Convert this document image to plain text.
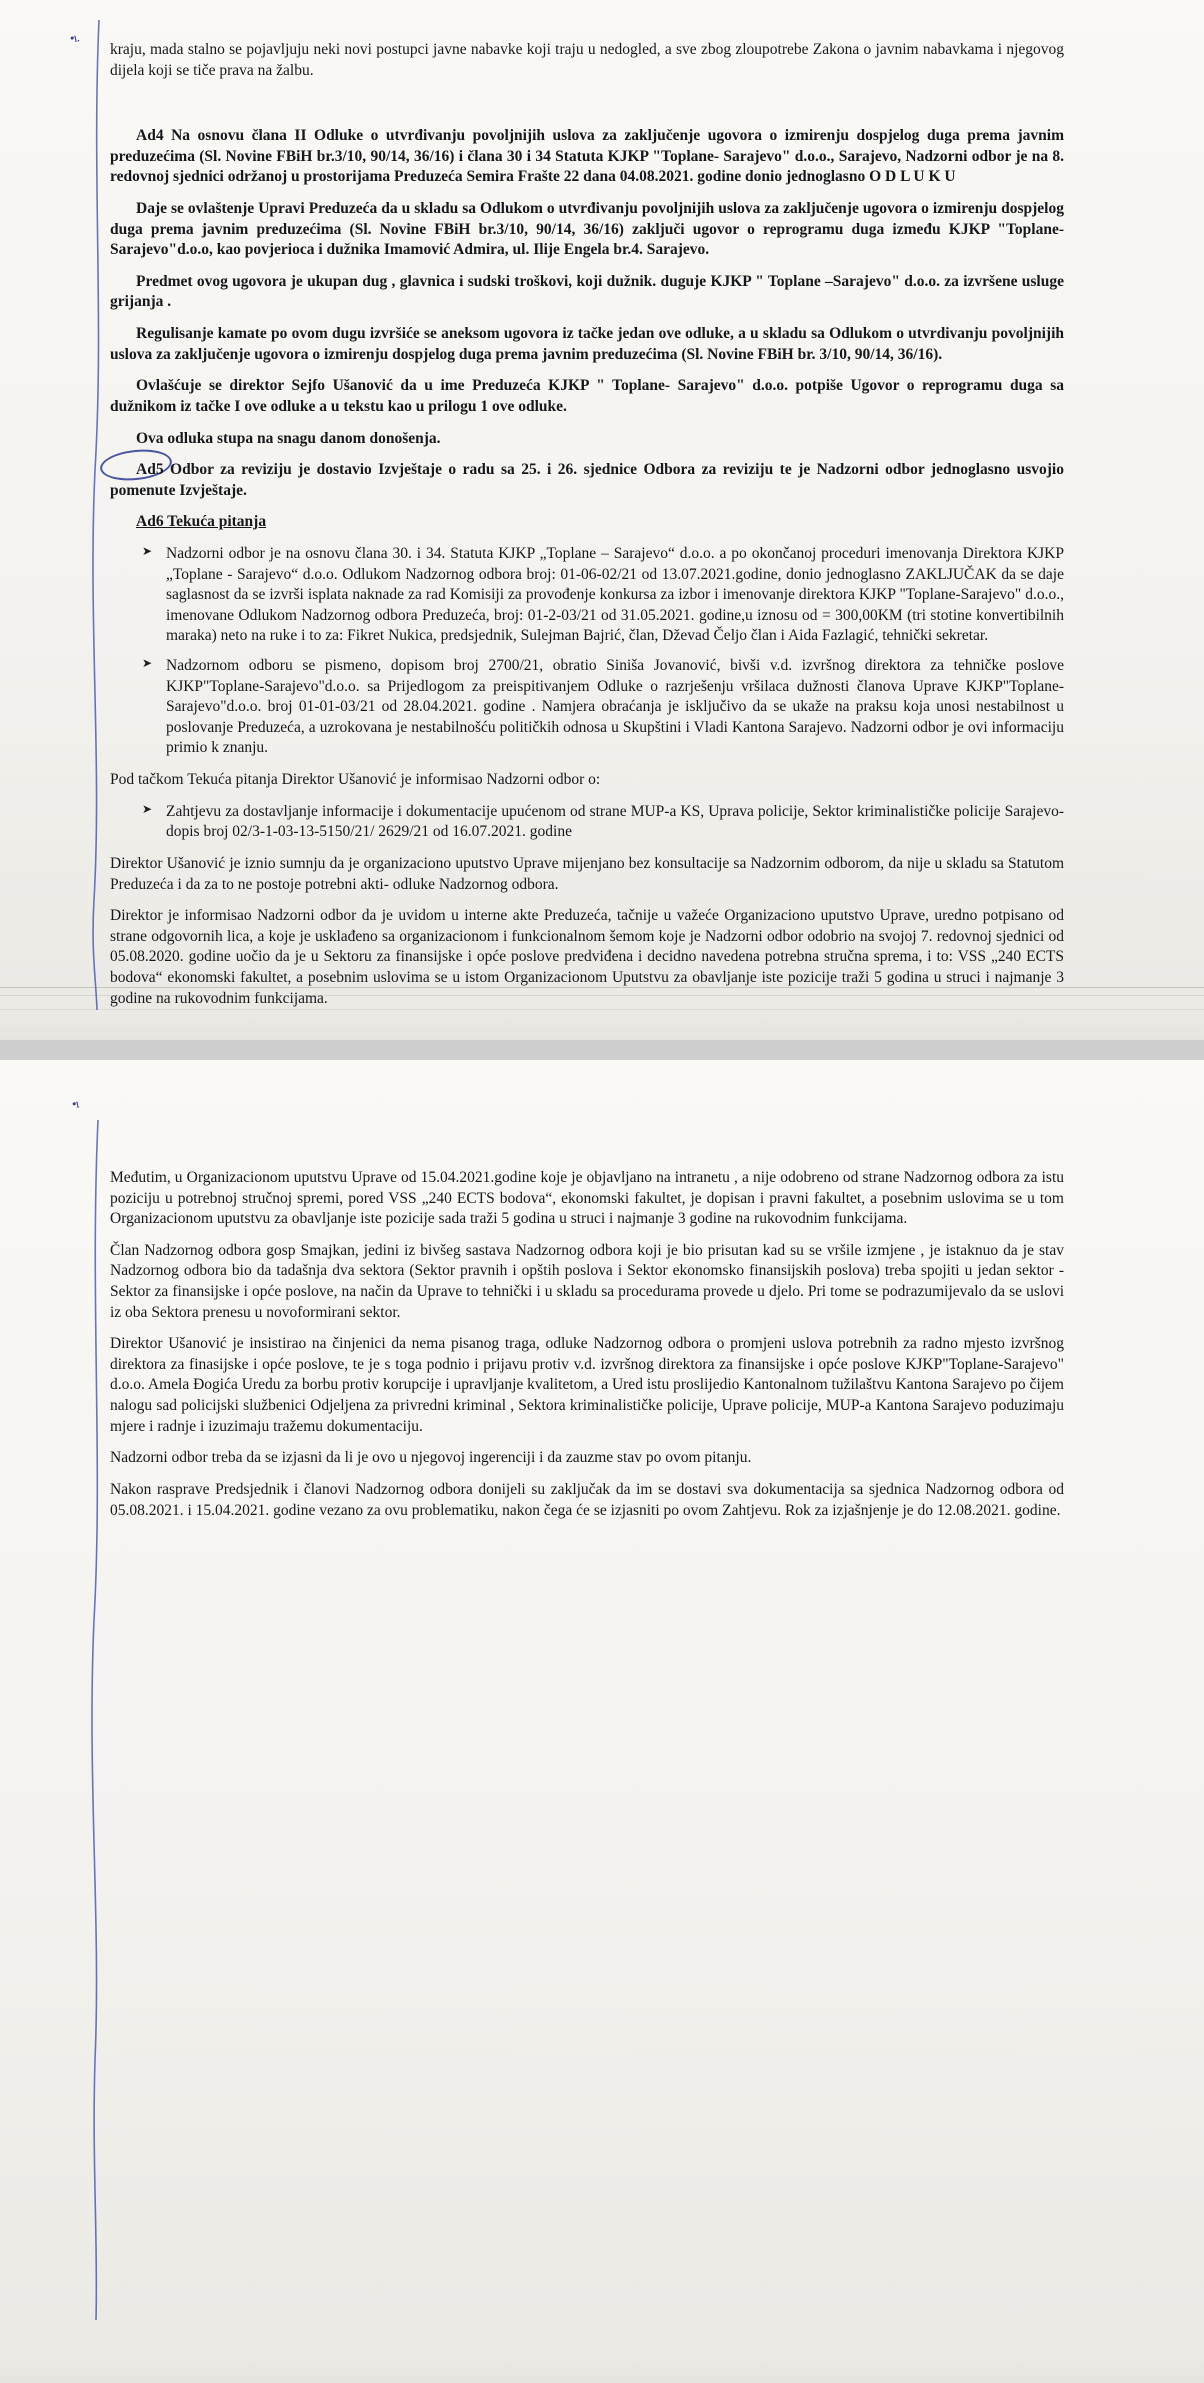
•ı.

kraju, mada stalno se pojavljuju neki novi postupci javne nabavke koji traju u nedogled, a sve zbog zloupotrebe Zakona o javnim nabavkama i njegovog dijela koji se tiče prava na žalbu.

Ad4 Na osnovu člana II Odluke o utvrđivanju povoljnijih uslova za zaključenje ugovora o izmirenju dospjelog duga prema javnim preduzećima (Sl. Novine FBiH br.3/10, 90/14, 36/16) i člana 30 i 34 Statuta KJKP "Toplane- Sarajevo" d.o.o., Sarajevo, Nadzorni odbor je na 8. redovnoj sjednici održanoj u prostorijama Preduzeća Semira Frašte 22 dana 04.08.2021. godine donio jednoglasno O D L U K U

Daje se ovlaštenje Upravi Preduzeća da u skladu sa Odlukom o utvrđivanju povoljnijih uslova za zaključenje ugovora o izmirenju dospjelog duga prema javnim preduzećima (Sl. Novine FBiH br.3/10, 90/14, 36/16) zaključi ugovor o reprogramu duga između KJKP "Toplane-Sarajevo"d.o.o, kao povjerioca i dužnika Imamović Admira, ul. Ilije Engela br.4. Sarajevo.

Predmet ovog ugovora je ukupan dug , glavnica i sudski troškovi, koji dužnik. duguje KJKP " Toplane –Sarajevo" d.o.o. za izvršene usluge grijanja .

Regulisanje kamate po ovom dugu izvršiće se aneksom ugovora iz tačke jedan ove odluke, a u skladu sa Odlukom o utvrdivanju povoljnijih uslova za zaključenje ugovora o izmirenju dospjelog duga prema javnim preduzećima (Sl. Novine FBiH br. 3/10, 90/14, 36/16).

Ovlašćuje se direktor Sejfo Ušanović da u ime Preduzeća KJKP " Toplane- Sarajevo" d.o.o. potpiše Ugovor o reprogramu duga sa dužnikom iz tačke I ove odluke a u tekstu kao u prilogu 1 ove odluke.

Ova odluka stupa na snagu danom donošenja.

Ad5 Odbor za reviziju je dostavio Izvještaje o radu sa 25. i 26. sjednice Odbora za reviziju te je Nadzorni odbor jednoglasno usvojio pomenute Izvještaje.

Ad6 Tekuća pitanja

➤ Nadzorni odbor je na osnovu člana 30. i 34. Statuta KJKP „Toplane – Sarajevo“ d.o.o. a po okončanoj proceduri imenovanja Direktora KJKP „Toplane - Sarajevo“ d.o.o. Odlukom Nadzornog odbora broj: 01-06-02/21 od 13.07.2021.godine, donio jednoglasno ZAKLJUČAK da se daje saglasnost da se izvrši isplata naknade za rad Komisiji za provođenje konkursa za izbor i imenovanje direktora KJKP "Toplane-Sarajevo" d.o.o., imenovane Odlukom Nadzornog odbora Preduzeća, broj: 01-2-03/21 od 31.05.2021. godine,u iznosu od = 300,00KM (tri stotine konvertibilnih maraka) neto na ruke i to za: Fikret Nukica, predsjednik, Sulejman Bajrić, član, Dževad Čeljo član i Aida Fazlagić, tehnički sekretar.
➤ Nadzornom odboru se pismeno, dopisom broj 2700/21, obratio Siniša Jovanović, bivši v.d. izvršnog direktora za tehničke poslove KJKP"Toplane-Sarajevo"d.o.o. sa Prijedlogom za preispitivanjem Odluke o razrješenju vršilaca dužnosti članova Uprave KJKP"Toplane-Sarajevo"d.o.o. broj 01-01-03/21 od 28.04.2021. godine . Namjera obraćanja je isključivo da se ukaže na praksu koja unosi nestabilnost u poslovanje Preduzeća, a uzrokovana je nestabilnošću političkih odnosa u Skupštini i Vladi Kantona Sarajevo. Nadzorni odbor je ovi informaciju primio k znanju.

Pod tačkom Tekuća pitanja Direktor Ušanović je informisao Nadzorni odbor o:

➤ Zahtjevu za dostavljanje informacije i dokumentacije upućenom od strane MUP-a KS, Uprava policije, Sektor kriminalističke policije Sarajevo- dopis broj 02/3-1-03-13-5150/21/ 2629/21 od 16.07.2021. godine

Direktor Ušanović je iznio sumnju da je organizaciono uputstvo Uprave mijenjano bez konsultacije sa Nadzornim odborom, da nije u skladu sa Statutom Preduzeća i da za to ne postoje potrebni akti- odluke Nadzornog odbora.

Direktor je informisao Nadzorni odbor da je uvidom u interne akte Preduzeća, tačnije u važeće Organizaciono uputstvo Uprave, uredno potpisano od strane odgovornih lica, a koje je usklađeno sa organizacionom i funkcionalnom šemom koje je Nadzorni odbor odobrio na svojoj 7. redovnoj sjednici od 05.08.2020. godine uočio da je u Sektoru za finansijske i opće poslove predviđena i decidno navedena potrebna stručna sprema, i to: VSS „240 ECTS bodova“ ekonomski fakultet, a posebnim uslovima se u istom Organizacionom Uputstvu za obavljanje iste pozicije traži 5 godina u struci i najmanje 3 godine na rukovodnim funkcijama.

•ı

Međutim, u Organizacionom uputstvu Uprave od 15.04.2021.godine koje je objavljano na intranetu , a nije odobreno od strane Nadzornog odbora za istu poziciju u potrebnoj stručnoj spremi, pored VSS „240 ECTS bodova“, ekonomski fakultet, je dopisan i pravni fakultet, a posebnim uslovima se u tom Organizacionom uputstvu za obavljanje iste pozicije sada traži 5 godina u struci i najmanje 3 godine na rukovodnim funkcijama.

Član Nadzornog odbora gosp Smajkan, jedini iz bivšeg sastava Nadzornog odbora koji je bio prisutan kad su se vršile izmjene , je istaknuo da je stav Nadzornog odbora bio da tadašnja dva sektora (Sektor pravnih i opštih poslova i Sektor ekonomsko finansijskih poslova) treba spojiti u jedan sektor - Sektor za finansijske i opće poslove, na način da Uprave to tehnički i u skladu sa procedurama provede u djelo. Pri tome se podrazumijevalo da se uslovi iz oba Sektora prenesu u novoformirani sektor.

Direktor Ušanović je insistirao na činjenici da nema pisanog traga, odluke Nadzornog odbora o promjeni uslova potrebnih za radno mjesto izvršnog direktora za finasijske i opće poslove, te je s toga podnio i prijavu protiv v.d. izvršnog direktora za finansijske i opće poslove KJKP"Toplane-Sarajevo" d.o.o. Amela Đogića Uredu za borbu protiv korupcije i upravljanje kvalitetom, a Ured istu proslijedio Kantonalnom tužilaštvu Kantona Sarajevo po čijem nalogu sad policijski službenici Odjeljena za privredni kriminal , Sektora kriminalističke policije, Uprave policije, MUP-a Kantona Sarajevo poduzimaju mjere i radnje i izuzimaju tražemu dokumentaciju.

Nadzorni odbor treba da se izjasni da li je ovo u njegovoj ingerenciji i da zauzme stav po ovom pitanju.

Nakon rasprave Predsjednik i članovi Nadzornog odbora donijeli su zaključak da im se dostavi sva dokumentacija sa sjednica Nadzornog odbora od 05.08.2021. i 15.04.2021. godine vezano za ovu problematiku, nakon čega će se izjasniti po ovom Zahtjevu. Rok za izjašnjenje je do 12.08.2021. godine.
